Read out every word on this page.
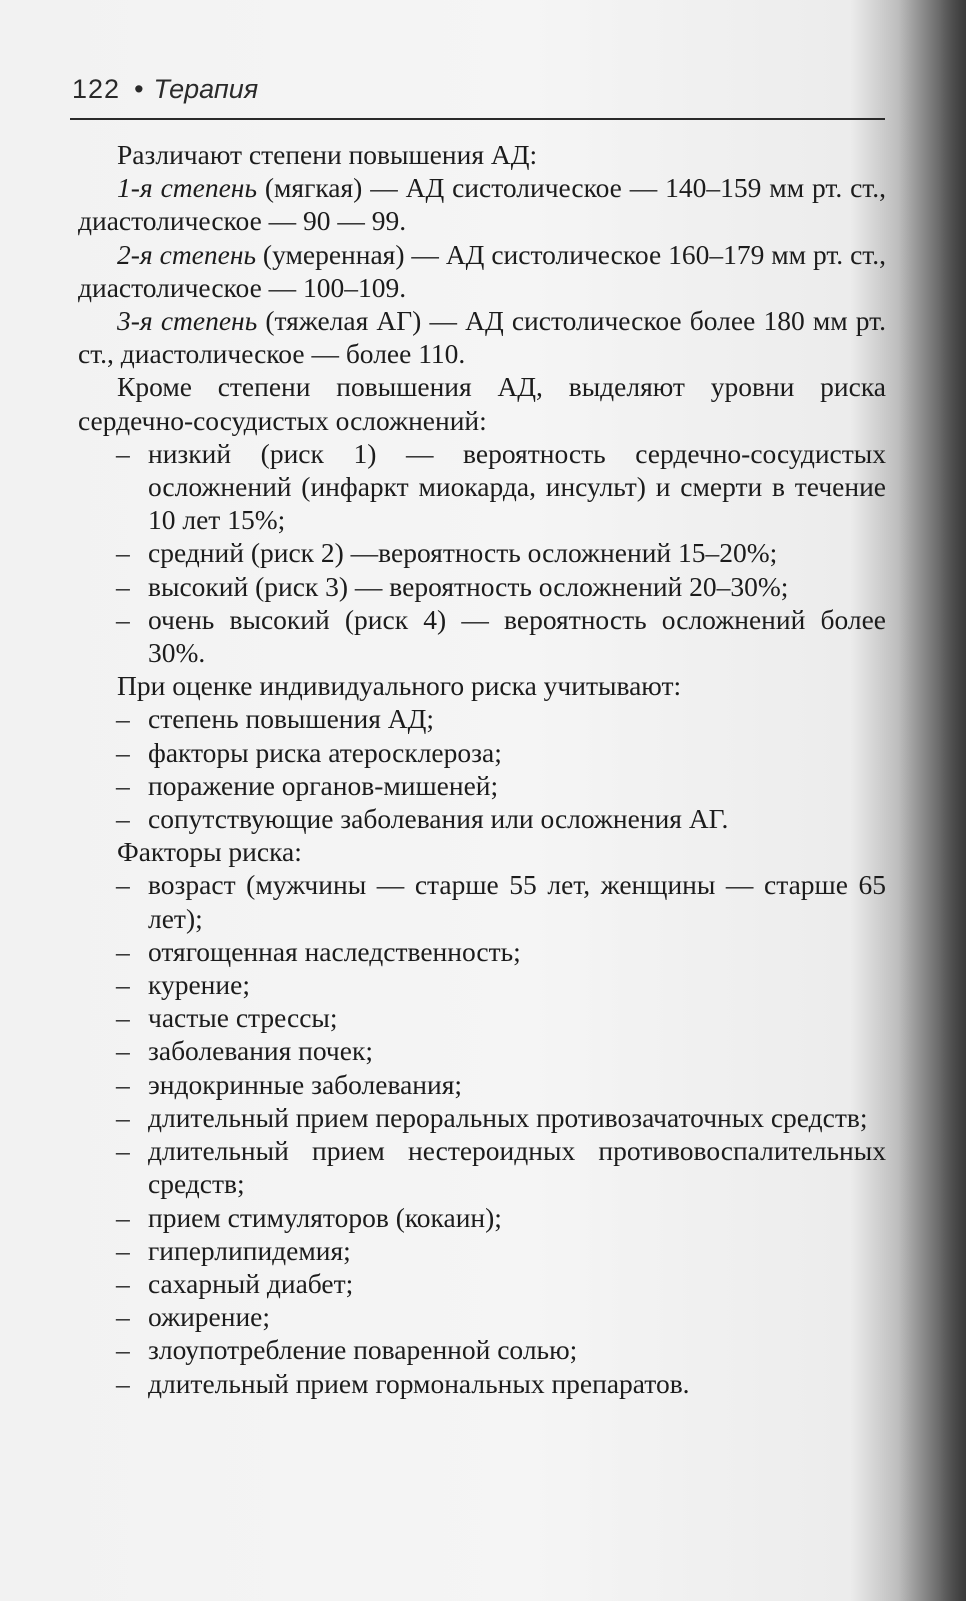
122 • Терапия

Различают степени повышения АД:

1-я степень (мягкая) — АД систолическое — 140–159 мм рт. ст., диастолическое — 90 — 99.

2-я степень (умеренная) — АД систолическое 160–179 мм рт. ст., диастолическое — 100–109.

3-я степень (тяжелая АГ) — АД систолическое более 180 мм рт. ст., диастолическое — более 110.

Кроме степени повышения АД, выделяют уровни риска сердечно-сосудистых осложнений:

– низкий (риск 1) — вероятность сердечно-сосудистых осложнений (инфаркт миокарда, инсульт) и смерти в течение 10 лет 15%;
– средний (риск 2) —вероятность осложнений 15–20%;
– высокий (риск 3) — вероятность осложнений 20–30%;
– очень высокий (риск 4) — вероятность осложнений более 30%.

При оценке индивидуального риска учитывают:

– степень повышения АД;
– факторы риска атеросклероза;
– поражение органов-мишеней;
– сопутствующие заболевания или осложнения АГ.

Факторы риска:

– возраст (мужчины — старше 55 лет, женщины — старше 65 лет);
– отягощенная наследственность;
– курение;
– частые стрессы;
– заболевания почек;
– эндокринные заболевания;
– длительный прием пероральных противозачаточных средств;
– длительный прием нестероидных противовоспалительных средств;
– прием стимуляторов (кокаин);
– гиперлипидемия;
– сахарный диабет;
– ожирение;
– злоупотребление поваренной солью;
– длительный прием гормональных препаратов.
